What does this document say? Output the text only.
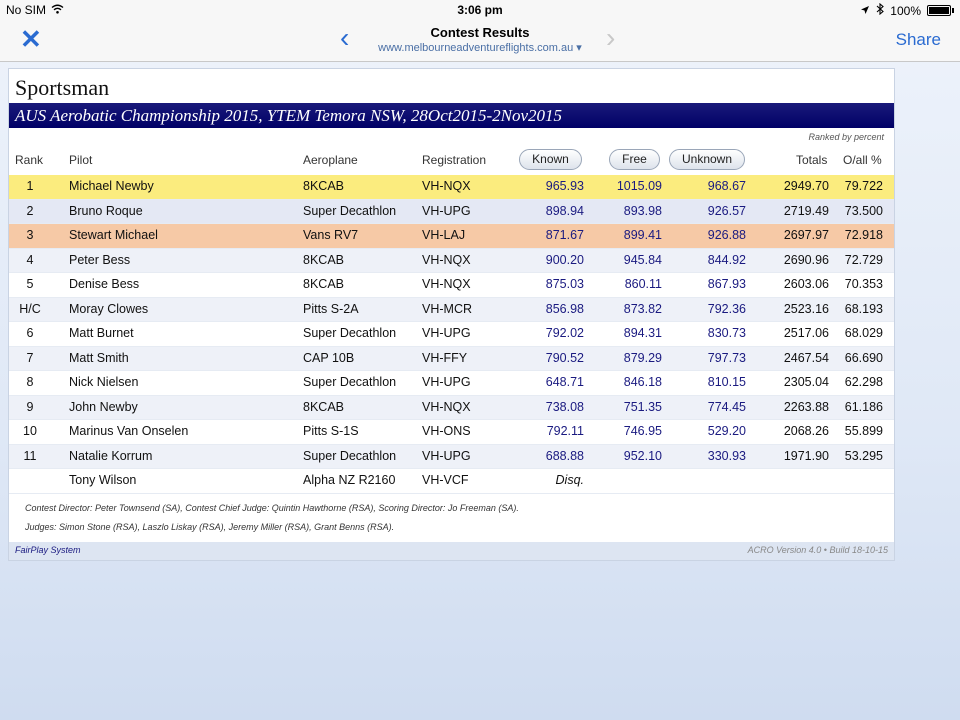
No SIM	3:06 pm	100%
✕	‹	Contest Results
www.melbourneadventureflights.com.au ▾ ›	Share
Sportsman
AUS Aerobatic Championship 2015, YTEM Temora NSW, 28Oct2015-2Nov2015
Ranked by percent
Rank Pilot	Aeroplane	Registration	Known	Free	Unknown	Totals O/all %
1	Michael Newby	8KCAB	VH-NQX	965.93	1015.09	968.67	2949.70 79.722
2	Bruno Roque	Super Decathlon VH-UPG	898.94	893.98	926.57	2719.49 73.500
3	Stewart Michael	Vans RV7	VH-LAJ	871.67	899.41	926.88	2697.97 72.918
4	Peter Bess	8KCAB	VH-NQX	900.20	945.84	844.92	2690.96 72.729
5	Denise Bess	8KCAB	VH-NQX	875.03	860.11	867.93	2603.06 70.353
H/C	Moray Clowes	Pitts S-2A	VH-MCR	856.98	873.82	792.36	2523.16 68.193
6	Matt Burnet	Super Decathlon VH-UPG	792.02	894.31	830.73	2517.06 68.029
7	Matt Smith	CAP 10B	VH-FFY	790.52	879.29	797.73	2467.54 66.690
8	Nick Nielsen	Super Decathlon VH-UPG	648.71	846.18	810.15	2305.04 62.298
9	John Newby	8KCAB	VH-NQX	738.08	751.35	774.45	2263.88 61.186
10	Marinus Van Onselen	Pitts S-1S	VH-ONS	792.11	746.95	529.20	2068.26 55.899
11	Natalie Korrum	Super Decathlon VH-UPG	688.88	952.10	330.93	1971.90 53.295
Tony Wilson	Alpha NZ R2160 VH-VCF	Disq.
Contest Director: Peter Townsend (SA), Contest Chief Judge: Quintin Hawthorne (RSA), Scoring Director: Jo Freeman (SA).
Judges: Simon Stone (RSA), Laszlo Liskay (RSA), Jeremy Miller (RSA), Grant Benns (RSA).
FairPlay System	ACRO Version 4.0 • Build 18-10-15
